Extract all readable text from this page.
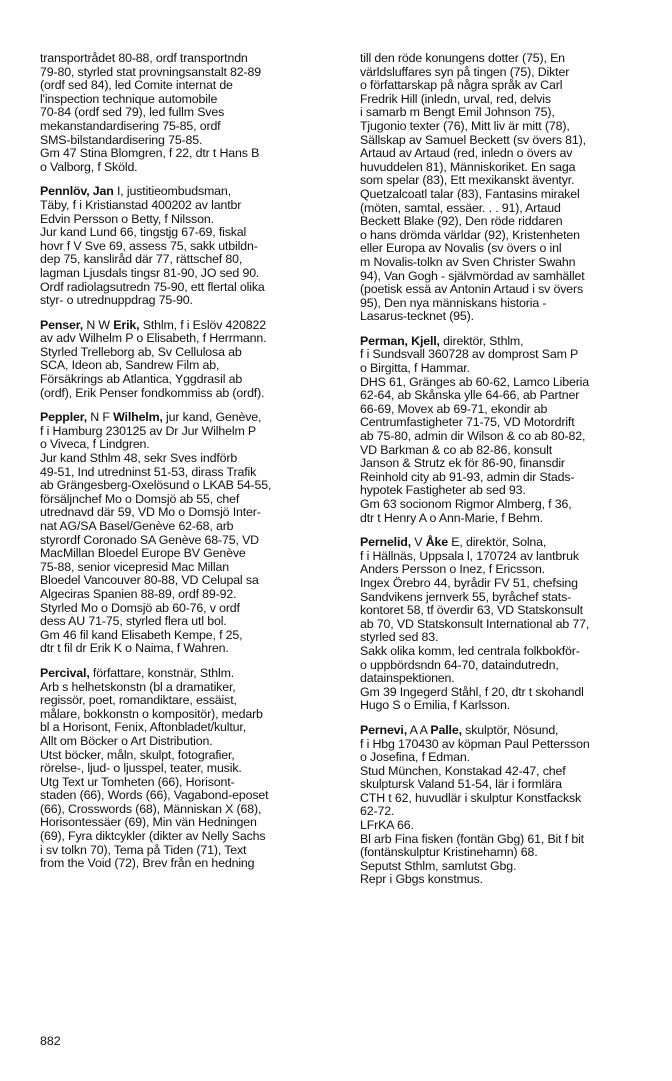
transportrådet 80-88, ordf transportndn
79-80, styrled stat provningsanstalt 82-89
(ordf sed 84), led Comite internat de
l'inspection technique automobile
70-84 (ordf sed 79), led fullm Sves
mekanstandardisering 75-85, ordf
SMS-bilstandardisering 75-85.
Gm 47 Stina Blomgren, f 22, dtr t Hans B
o Valborg, f Sköld.

Pennlöv, Jan I, justitieombudsman,
Täby, f i Kristianstad 400202 av lantbr
Edvin Persson o Betty, f Nilsson.
Jur kand Lund 66, tingstjg 67-69, fiskal
hovr f V Sve 69, assess 75, sakk utbildn-
dep 75, kanslіråd där 77, rättschef 80,
lagman Ljusdals tingsr 81-90, JO sed 90.
Ordf radiolagsutredn 75-90, ett flertal olika
styr- o utrednuppdrag 75-90.

Penser, N W Erik, Sthlm, f i Eslöv 420822
av adv Wilhelm P o Elisabeth, f Herrmann.
Styrled Trelleborg ab, Sv Cellulosa ab
SCA, Ideon ab, Sandrew Film ab,
Försäkrings ab Atlantica, Yggdrasil ab
(ordf), Erik Penser fondkommiss ab (ordf).

Peppler, N F Wilhelm, jur kand, Genève,
f i Hamburg 230125 av Dr Jur Wilhelm P
o Viveca, f Lindgren.
Jur kand Sthlm 48, sekr Sves indförb
49-51, Ind utredninst 51-53, dirass Trafik
ab Grängesberg-Oxelösund o LKAB 54-55,
försäljnchef Mo o Domsjö ab 55, chef
utrednavd där 59, VD Mo o Domsjö Inter-
nat AG/SA Basel/Genève 62-68, arb
styrordf Coronado SA Genève 68-75, VD
MacMillan Bloedel Europe BV Genève
75-88, senior vicepresid Mac Millan
Bloedel Vancouver 80-88, VD Celupal sa
Algeciras Spanien 88-89, ordf 89-92.
Styrled Mo o Domsjö ab 60-76, v ordf
dess AU 71-75, styrled flera utl bol.
Gm 46 fil kand Elisabeth Kempe, f 25,
dtr t fil dr Erik K o Naima, f Wahren.

Percival, författare, konstnär, Sthlm.
Arb s helhetskonstn (bl a dramatiker,
regissör, poet, romandiktare, essäist,
målare, bokkonstn o kompositör), medarb
bl a Horisont, Fenix, Aftonbladet/kultur,
Allt om Böcker o Art Distribution.
Utst böcker, måln, skulpt, fotografier,
rörelse-, ljud- o ljusspel, teater, musik.
Utg Text ur Tomheten (66), Horisont-
staden (66), Words (66), Vagabond-eposet
(66), Crosswords (68), Människan X (68),
Horisontessäer (69), Min vän Hedningen
(69), Fyra diktcykler (dikter av Nelly Sachs
i sv tolkn 70), Tema på Tiden (71), Text
from the Void (72), Brev från en hedning

till den röde konungens dotter (75), En
världsluffares syn på tingen (75), Dikter
o författarskap på några språk av Carl
Fredrik Hill (inledn, urval, red, delvis
i samarb m Bengt Emil Johnson 75),
Tjugonio texter (76), Mitt liv är mitt (78),
Sällskap av Samuel Beckett (sv övers 81),
Artaud av Artaud (red, inledn o övers av
huvuddelen 81), Människoriket. En saga
som spelar (83), Ett mexikanskt äventyr.
Quetzalcoatl talar (83), Fantasins mirakel
(möten, samtal, essäer. . . 91), Artaud
Beckett Blake (92), Den röde riddaren
o hans drömda världar (92), Kristenheten
eller Europa av Novalis (sv övers o inl
m Novalis-tolkn av Sven Christer Swahn
94), Van Gogh - självmördad av samhället
(poetisk essä av Antonin Artaud i sv övers
95), Den nya människans historia -
Lasarus-tecknet (95).

Perman, Kjell, direktör, Sthlm,
f i Sundsvall 360728 av domprost Sam P
o Birgitta, f Hammar.
DHS 61, Gränges ab 60-62, Lamco Liberia
62-64, ab Skånska ylle 64-66, ab Partner
66-69, Movex ab 69-71, ekondir ab
Centrumfastigheter 71-75, VD Motordrift
ab 75-80, admin dir Wilson & co ab 80-82,
VD Barkman & co ab 82-86, konsult
Janson & Strutz ek för 86-90, finansdir
Reinhold city ab 91-93, admin dir Stads-
hypotek Fastigheter ab sed 93.
Gm 63 socionom Rigmor Almberg, f 36,
dtr t Henry A o Ann-Marie, f Behm.

Pernelid, V Åke E, direktör, Solna,
f i Hällnäs, Uppsala l, 170724 av lantbruk
Anders Persson o Inez, f Ericsson.
Ingex Örebro 44, byrådir FV 51, chefsing
Sandvikens jernverk 55, byråchef stats-
kontoret 58, tf överdir 63, VD Statskonsult
ab 70, VD Statskonsult International ab 77,
styrled sed 83.
Sakk olika komm, led centrala folkbokför-
o uppbördsndn 64-70, dataindutredn,
datainspektionen.
Gm 39 Ingegerd Ståhl, f 20, dtr t skohandl
Hugo S o Emilia, f Karlsson.

Pernevi, A A Palle, skulptör, Nösund,
f i Hbg 170430 av köpman Paul Pettersson
o Josefina, f Edman.
Stud München, Konstakad 42-47, chef
skulptursk Valand 51-54, lär i formlära
CTH t 62, huvudlär i skulptur Konstfacksk
62-72.
LFrKA 66.
Bl arb Fina fisken (fontän Gbg) 61, Bit f bit
(fontänskulptur Kristinehamn) 68.
Seputst Sthlm, samlutst Gbg.
Repr i Gbgs konstmus.

882
